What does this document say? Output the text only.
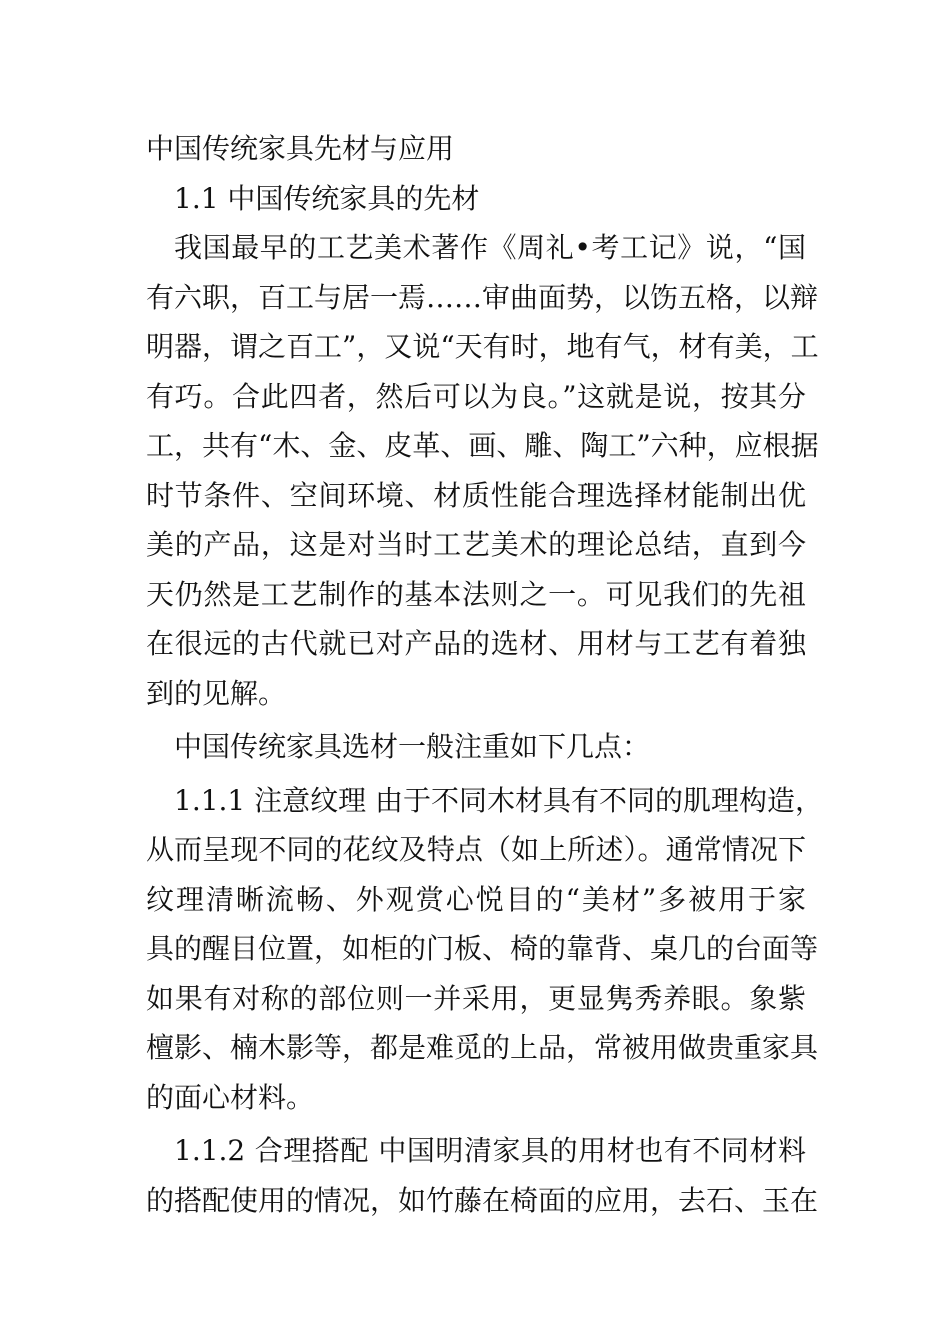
中国传统家具先材与应用
1.1 中国传统家具的先材
我国最早的工艺美术著作《周礼•考工记》说，“国
有六职，百工与居一焉……审曲面势，以饬五格，以辩
明器，谓之百工”，又说“天有时，地有气，材有美，工
有巧。合此四者，然后可以为良。”这就是说，按其分
工，共有“木、金、皮革、画、雕、陶工”六种，应根据
时节条件、空间环境、材质性能合理选择材能制出优
美的产品，这是对当时工艺美术的理论总结，直到今
天仍然是工艺制作的基本法则之一。可见我们的先祖
在很远的古代就已对产品的选材、用材与工艺有着独
到的见解。
中国传统家具选材一般注重如下几点：
1.1.1 注意纹理 由于不同木材具有不同的肌理构造，
从而呈现不同的花纹及特点（如上所述）。通常情况下
纹理清晰流畅、外观赏心悦目的“美材”多被用于家
具的醒目位置，如柜的门板、椅的靠背、桌几的台面等
如果有对称的部位则一并采用，更显隽秀养眼。象紫
檀影、楠木影等，都是难觅的上品，常被用做贵重家具
的面心材料。
1.1.2 合理搭配 中国明清家具的用材也有不同材料
的搭配使用的情况，如竹藤在椅面的应用，去石、玉在
